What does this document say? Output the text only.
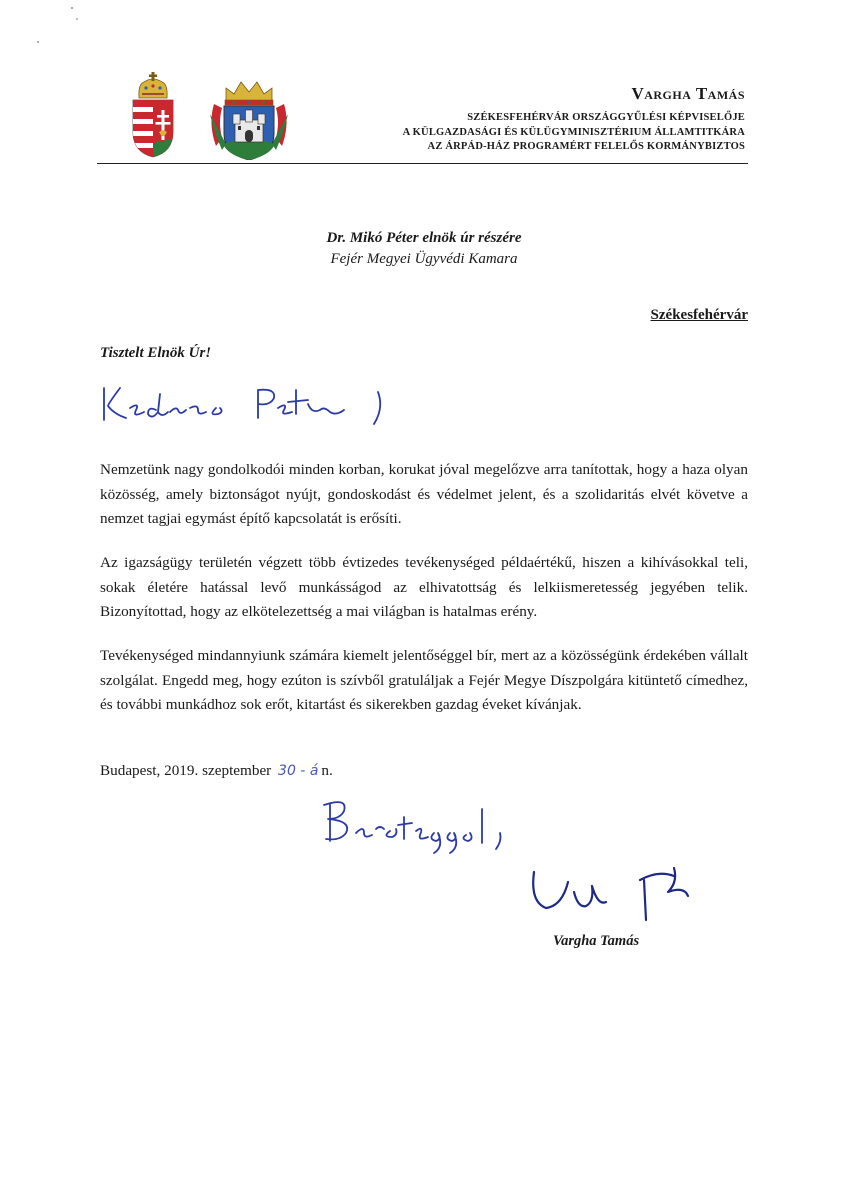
Vargha Tamás
SZÉKESFEHÉRVÁR ORSZÁGGYŰLÉSI KÉPVISELŐJE
A KÜLGAZDASÁGI ÉS KÜLÜGYMINISZTÉRIUM ÁLLAMTITKÁRA
AZ ÁRPÁD-HÁZ PROGRAMÉRT FELELŐS KORMÁNYBIZTOS
Dr. Mikó Péter elnök úr részére
Fejér Megyei Ügyvédi Kamara
Székesfehérvár
Tisztelt Elnök Úr!

Nemzetünk nagy gondolkodói minden korban, korukat jóval megelőzve arra tanítottak, hogy a haza olyan közösség, amely biztonságot nyújt, gondoskodást és védelmet jelent, és a szolidaritás elvét követve a nemzet tagjai egymást építő kapcsolatát is erősíti.

Az igazságügy területén végzett több évtizedes tevékenységed példaértékű, hiszen a kihívásokkal teli, sokak életére hatással levő munkásságod az elhivatottság és lelkiismeretesség jegyében telik. Bizonyítottad, hogy az elkötelezettség a mai világban is hatalmas erény.

Tevékenységed mindannyiunk számára kiemelt jelentőséggel bír, mert az a közösségünk érdekében vállalt szolgálat. Engedd meg, hogy ezúton is szívből gratuláljak a Fejér Megye Díszpolgára kitüntető címedhez, és további munkádhoz sok erőt, kitartást és sikerekben gazdag éveket kívánjak.

Budapest, 2019. szeptember 30 - á n.
Vargha Tamás
